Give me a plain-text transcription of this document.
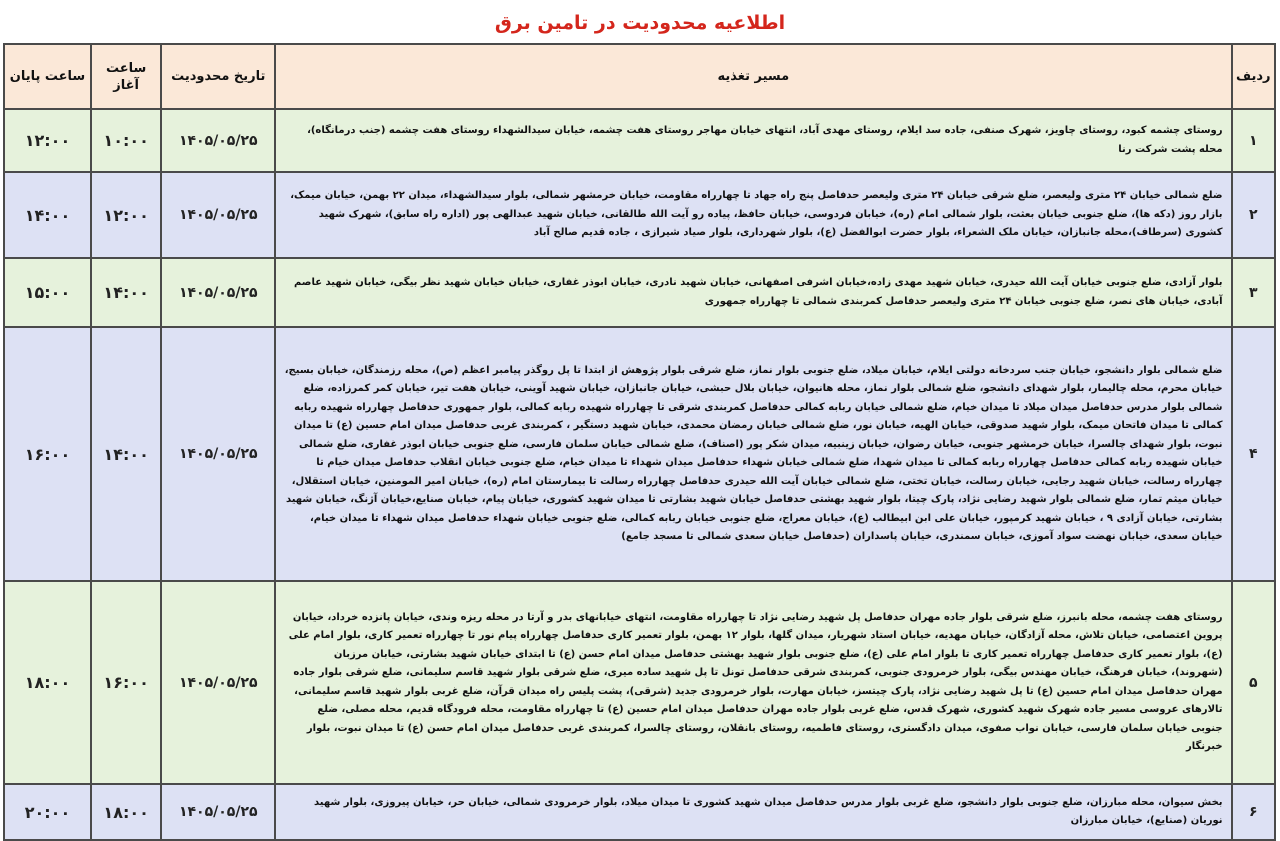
اطلاعیه محدودیت در تامین برق
ردیف	مسیر تغذیه	تاریخ محدودیت	ساعت آغاز	ساعت پایان
۱	روستای چشمه کبود، روستای چاویز، شهرک صنفی، جاده سد ایلام، روستای مهدی آباد، انتهای خیابان مهاجر روستای هفت چشمه، خیابان سیدالشهداء روستای هفت چشمه (جنب درمانگاه)، محله پشت شرکت رنا	۱۴۰۵/۰۵/۲۵	۱۰:۰۰	۱۲:۰۰
۲	ضلع شمالی خیابان ۲۴ متری ولیعصر، ضلع شرقی خیابان ۲۴ متری ولیعصر حدفاصل پنج راه جهاد تا چهارراه مقاومت، خیابان خرمشهر شمالی، بلوار سیدالشهداء، میدان ۲۲ بهمن، خیابان میمک، بازار روز (دکه ها)، ضلع جنوبی خیابان بعثت، بلوار شمالی امام (ره)، خیابان فردوسی، خیابان حافظ، پیاده رو آیت الله طالقانی، خیابان شهید عبدالهی پور (اداره راه سابق)، شهرک شهید کشوری (سرطاف)،محله جانبازان، خیابان ملک الشعراء، بلوار حضرت ابوالفضل (ع)، بلوار شهرداری، بلوار صیاد شیرازی ، جاده قدیم صالح آباد	۱۴۰۵/۰۵/۲۵	۱۲:۰۰	۱۴:۰۰
۳	بلوار آزادی، ضلع جنوبی خیابان آیت الله حیدری، خیابان شهید مهدی زاده،خیابان اشرفی اصفهانی، خیابان شهید نادری، خیابان ابوذر غفاری، خیابان خیابان شهید نظر بیگی، خیابان شهید عاصم آبادی، خیابان های نصر، ضلع جنوبی خیابان ۲۴ متری ولیعصر حدفاصل کمربندی شمالی تا چهارراه جمهوری	۱۴۰۵/۰۵/۲۵	۱۴:۰۰	۱۵:۰۰
۴	ضلع شمالی بلوار دانشجو، خیابان جنب سردخانه دولتی ایلام، خیابان میلاد، ضلع جنوبی بلوار نماز، ضلع شرقی بلوار پژوهش از ابتدا تا پل روگذر پیامبر اعظم (ص)، محله رزمندگان، خیابان بسیج، خیابان محرم، محله چالیمار، بلوار شهدای دانشجو، ضلع شمالی بلوار نماز، محله هانیوان، خیابان بلال حبشی، خیابان جانبازان، خیابان شهید آوینی، خیابان هفت تیر، خیابان کمر کمرزاده، ضلع شمالی بلوار مدرس حدفاصل میدان میلاد تا میدان خیام، ضلع شمالی خیابان ربابه کمالی حدفاصل کمربندی شرقی تا چهارراه شهیده ربابه کمالی، بلوار جمهوری حدفاصل چهارراه شهیده ربابه کمالی تا میدان فاتحان میمک، بلوار شهید صدوقی، خیابان الهیه، خیابان نور، ضلع شمالی خیابان رمضان محمدی، خیابان شهید دستگیر ، کمربندی غربی حدفاصل میدان امام حسین (ع) تا میدان نبوت، بلوار شهدای چالسرا، خیابان خرمشهر جنوبی، خیابان رضوان، خیابان زینبیه، میدان شکر پور (اصناف)، ضلع شمالی خیابان سلمان فارسی، ضلع جنوبی خیابان ابوذر غفاری، ضلع شمالی خیابان شهیده ربابه کمالی حدفاصل چهارراه ربابه کمالی تا میدان شهدا، ضلع شمالی خیابان شهداء حدفاصل میدان شهداء تا میدان خیام، ضلع جنوبی خیابان انقلاب حدفاصل میدان خیام تا چهارراه رسالت، خیابان شهید رجایی، خیابان رسالت، خیابان تختی، ضلع شمالی خیابان آیت الله حیدری حدفاصل چهارراه رسالت تا بیمارستان امام (ره)، خیابان امیر المومنین، خیابان استقلال، خیابان میثم تمار، ضلع شمالی بلوار شهید رضایی نژاد، پارک چیتا، بلوار شهید بهشتی حدفاصل خیابان شهید بشارتی تا میدان شهید کشوری، خیابان پیام، خیابان صنایع،خیابان آژنگ، خیابان شهید بشارتی، خیابان آزادی ۹ ، خیابان شهید کرمپور، خیابان علی ابن ابیطالب (ع)، خیابان معراج، ضلع جنوبی خیابان ربابه کمالی، ضلع جنوبی خیابان شهداء حدفاصل میدان شهداء تا میدان خیام، خیابان سعدی، خیابان نهضت سواد آموزی، خیابان سمندری، خیابان پاسداران (حدفاصل خیابان سعدی شمالی تا مسجد جامع)	۱۴۰۵/۰۵/۲۵	۱۴:۰۰	۱۶:۰۰
۵	روستای هفت چشمه، محله بانبرز، ضلع شرقی بلوار جاده مهران حدفاصل پل شهید رضایی نژاد تا چهارراه مقاومت، انتهای خیابانهای بدر و آرتا در محله ریزه وندی، خیابان پانزده خرداد، خیابان پروین اعتصامی، خیابان تلاش، محله آزادگان، خیابان مهدیه، خیابان استاد شهریار، میدان گلها، بلوار ۱۲ بهمن، بلوار تعمیر کاری حدفاصل چهارراه پیام نور تا چهارراه تعمیر کاری، بلوار امام علی (ع)، بلوار تعمیر کاری حدفاصل چهارراه تعمیر کاری تا بلوار امام علی (ع)، ضلع جنوبی بلوار شهید بهشتی حدفاصل میدان امام حسن (ع) تا ابتدای خیابان شهید بشارتی، خیابان مرزبان (شهروند)، خیابان فرهنگ، خیابان مهندس بیگی، بلوار خرمرودی جنوبی، کمربندی شرقی حدفاصل تونل تا پل شهید ساده میری، ضلع شرقی بلوار شهید قاسم سلیمانی، ضلع شرقی بلوار جاده مهران حدفاصل میدان امام حسین (ع) تا پل شهید رضایی نژاد، پارک چیتسز، خیابان مهارت، بلوار خرمرودی جدید (شرقی)، پشت پلیس راه میدان قرآن، ضلع غربی بلوار شهید قاسم سلیمانی، تالارهای عروسی مسیر جاده شهرک شهید کشوری، شهرک قدس، ضلع غربی بلوار جاده مهران حدفاصل میدان امام حسین (ع) تا چهارراه مقاومت، محله فرودگاه قدیم، محله مصلی، ضلع جنوبی خیابان سلمان فارسی، خیابان نواب صفوی، میدان دادگستری، روستای فاطمیه، روستای بانقلان، روستای چالسرا، کمربندی غربی حدفاصل میدان امام حسن (ع) تا میدان نبوت، بلوار خبرنگار	۱۴۰۵/۰۵/۲۵	۱۶:۰۰	۱۸:۰۰
۶	بخش سیوان، محله مبارزان، ضلع جنوبی بلوار دانشجو، ضلع غربی بلوار مدرس حدفاصل میدان شهید کشوری تا میدان میلاد، بلوار خرمرودی شمالی، خیابان حر، خیابان پیروزی، بلوار شهید نوریان (صنایع)، خیابان مبارزان	۱۴۰۵/۰۵/۲۵	۱۸:۰۰	۲۰:۰۰
